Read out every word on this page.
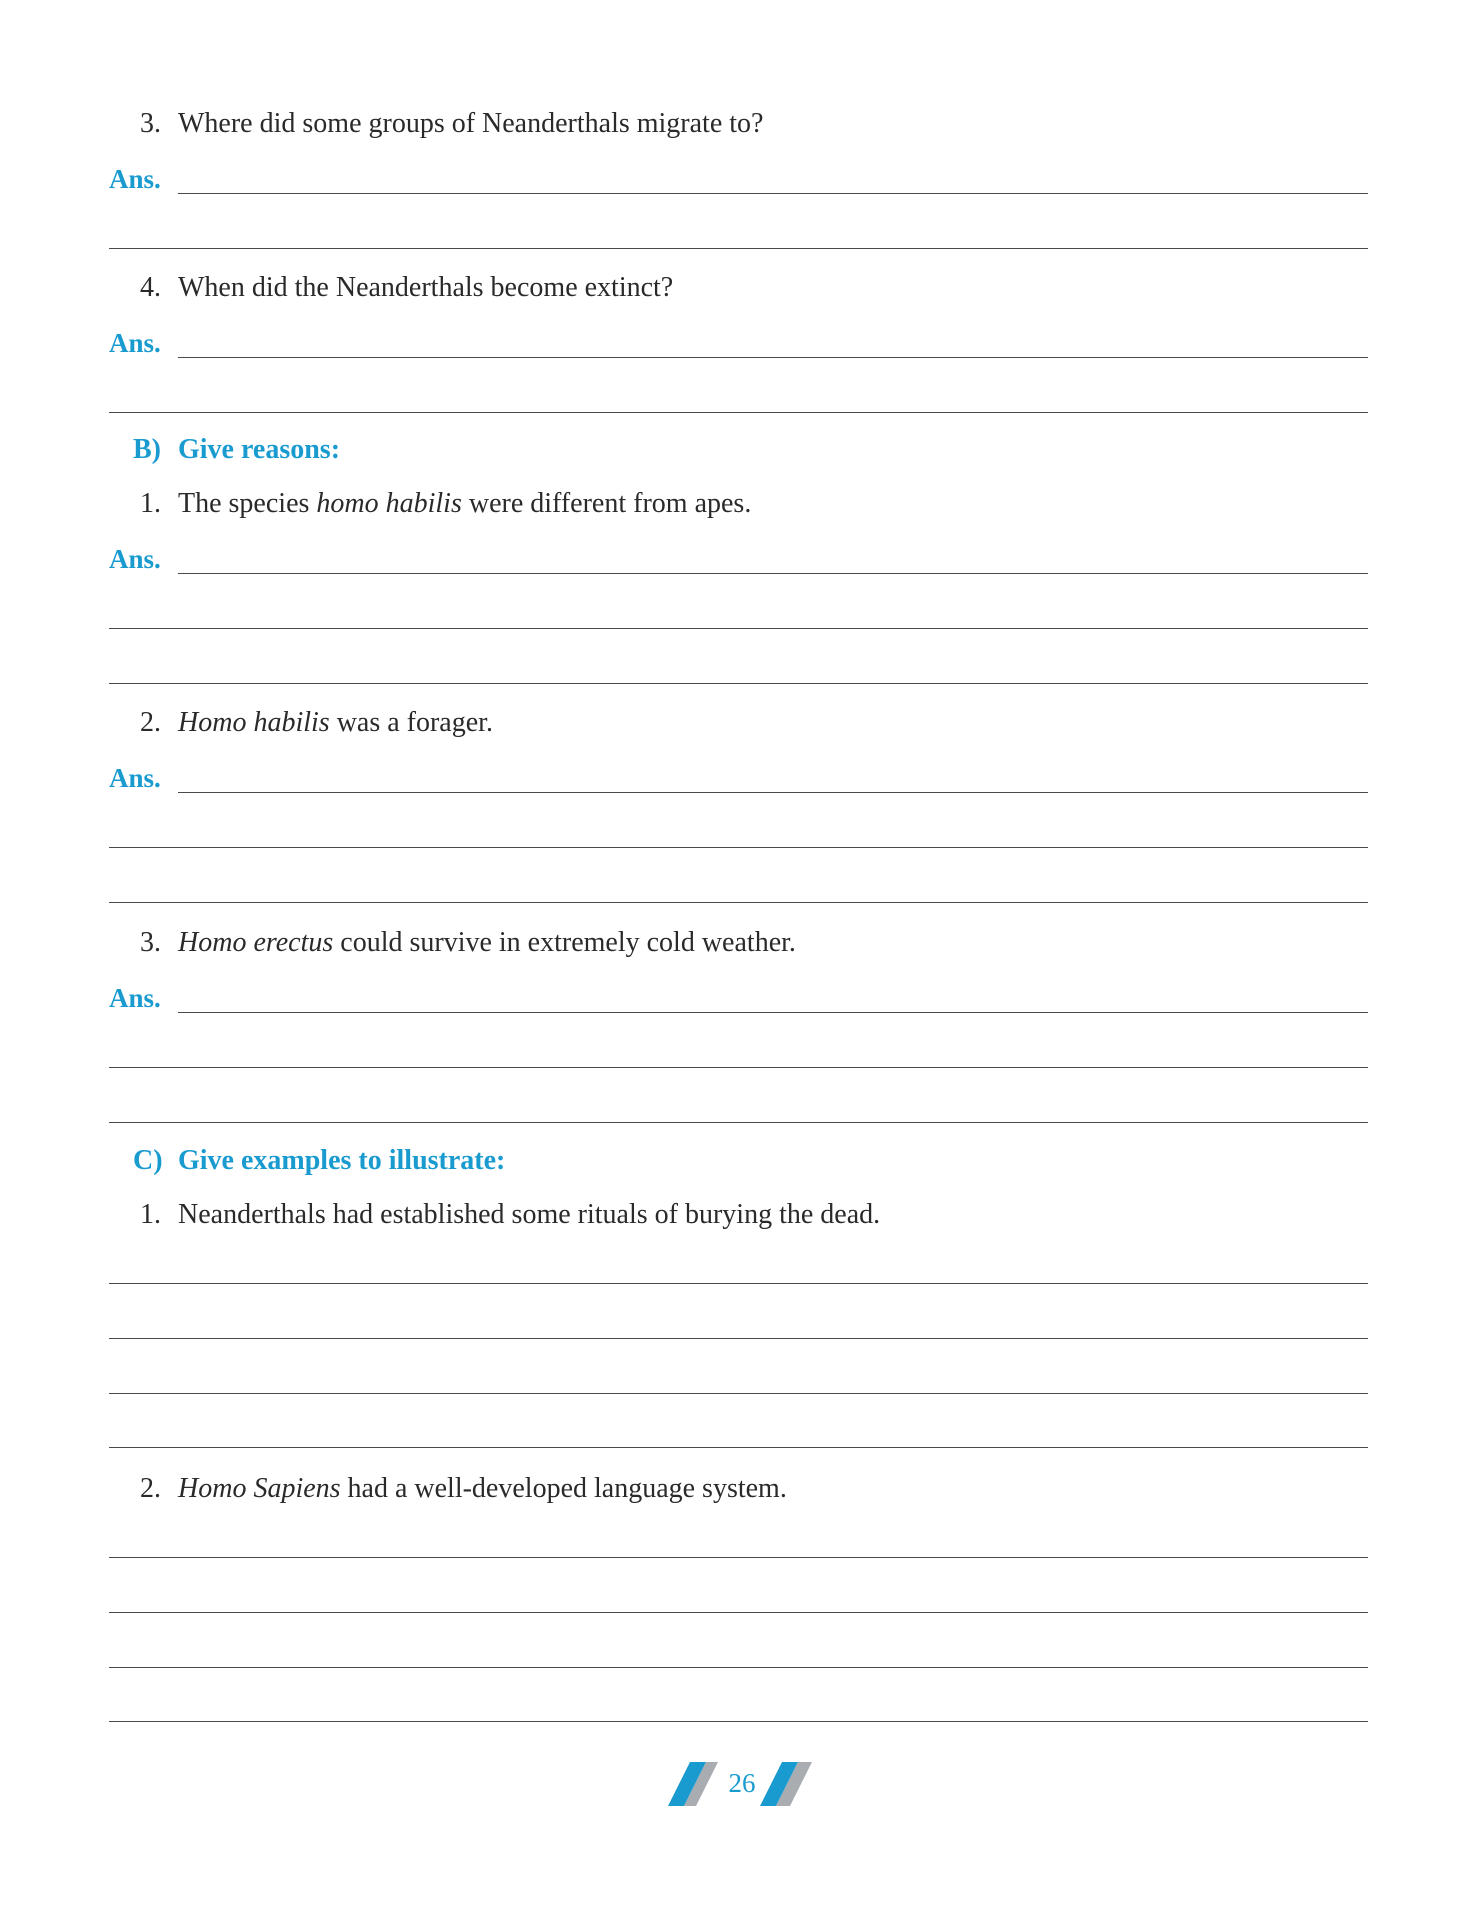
3. Where did some groups of Neanderthals migrate to?
Ans.
4. When did the Neanderthals become extinct?
Ans.
B) Give reasons:
1. The species homo habilis were different from apes.
Ans.
2. Homo habilis was a forager.
Ans.
3. Homo erectus could survive in extremely cold weather.
Ans.
C) Give examples to illustrate:
1. Neanderthals had established some rituals of burying the dead.
2. Homo Sapiens had a well-developed language system.
26
